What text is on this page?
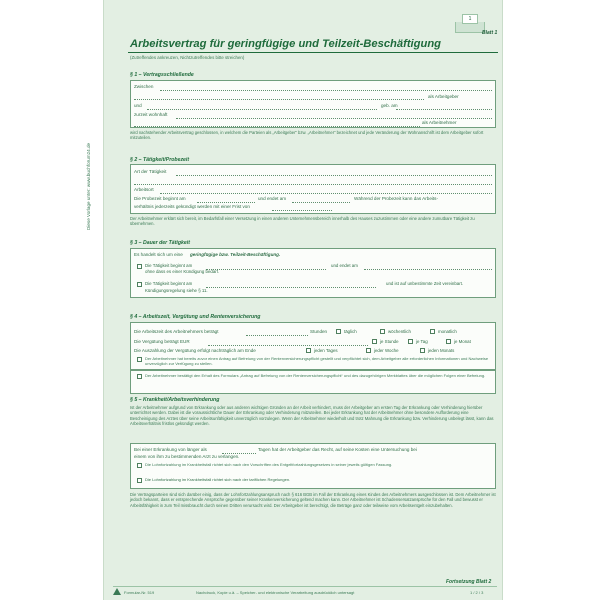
Diese Vorlage unter: www.buchforum24.de
1
Blatt 1
Arbeitsvertrag für geringfügige und Teilzeit-Beschäftigung
(Zutreffendes ankreuzen, Nichtzutreffendes bitte streichen)
§ 1 – Vertragsschließende
Zwischen
als Arbeitgeber
und	geb. am
zurzeit wohnhaft
als Arbeitnehmer
wird nachstehender Arbeitsvertrag geschlossen, in welchem die Parteien als „Arbeitgeber“ bzw. „Arbeitnehmer“ bezeichnet und jede Veränderung der Wohnanschrift ist dem Arbeitgeber sofort mitzuteilen.
§ 2 – Tätigkeit/Probezeit
Art der Tätigkeit
Arbeitsort
Die Probezeit beginnt am	und endet am	Während der Probezeit kann das Arbeits-
verhältnis jederzeits gekündigt werden mit einer Frist von
Der Arbeitnehmer erklärt sich bereit, im Bedarfsfall einer Versetzung in einen anderen Unternehmensbereich innerhalb des Hauses zuzustimmen oder eine andere zumutbare Tätigkeit zu übernehmen.
§ 3 – Dauer der Tätigkeit
Es handelt sich um eine geringfügige bzw. Teilzeit-Beschäftigung.
Die Tätigkeit beginnt am	und endet am
ohne dass es einer Kündigung bedarf.
Die Tätigkeit beginnt am	und ist auf unbestimmte Zeit vereinbart.
Kündigungsregelung siehe § 11.
§ 4 – Arbeitszeit, Vergütung und Rentenversicherung
Die Arbeitszeit des Arbeitnehmers beträgt	Stunden	täglich	wöchentlich	monatlich
Die Vergütung beträgt EUR	je Stunde	je Tag	je Monat
Die Auszahlung der Vergütung erfolgt nachträglich am Ende	jeden Tages	jeder Woche	jeden Monats
Der Arbeitnehmer hat bereits zuvor einen Antrag auf Befreiung von der Rentenversicherungspflicht gestellt und verpflichtet sich, dem Arbeitgeber alle erforderlichen Informationen und Nachweise unverzüglich zur Verfügung zu stellen.
Der Arbeitnehmer bestätigt den Erhalt des Formulars „Antrag auf Befreiung von der Rentenversicherungspflicht“ und des dazugehörigen Merkblattes über die möglichen Folgen einer Befreiung.
§ 5 – Krankheit/Arbeitsverhinderung
Ist der Arbeitnehmer aufgrund von Erkrankung oder aus anderen wichtigen Gründen an der Arbeit verhindert, muss der Arbeitgeber am ersten Tag der Erkrankung oder Verhinderung hierüber unterrichtet werden. Dabei ist die voraussichtliche Dauer der Erkrankung oder Verhinderung mitzuteilen. Bei jeder Erkrankung hat der Arbeitnehmer ohne besondere Aufforderung eine Bescheinigung des Arztes über seine Arbeitsunfähigkeit unverzüglich vorzulegen. Wenn der Arbeitnehmer wiederholt und trotz Mahnung die Erkrankung bzw. Verhinderung unbelegt lässt, kann das Arbeitsverhältnis fristlos gekündigt werden.
Bei einer Erkrankung von länger als	Tagen hat der Arbeitgeber das Recht, auf seine Kosten eine Untersuchung bei
einem von ihm zu bestimmenden Arzt zu verlangen.
Die Lohnfortzahlung im Krankheitsfall richtet sich nach den Vorschriften des Entgeltfortzahlungsgesetzes in seiner jeweils gültigen Fassung.
Die Lohnfortzahlung im Krankheitsfall richtet sich nach der tariflichen Regelungen.
Die Vertragsparteien sind sich darüber einig, dass der Lohnfortzahlungsanspruch nach § 616 BGB im Fall der Erkrankung eines Kindes des Arbeitnehmers ausgeschlossen ist. Dem Arbeitnehmer ist jedoch bekannt, dass er entsprechende Ansprüche gegenüber seiner Krankenversicherung geltend machen kann. Der Arbeitnehmer ist Schadensersatzansprüche für den Fall und bewusst er Arbeitsfähigkeit in zum Teil missbraucht durch seinen Dritten verursacht wird. Der Arbeitgeber ist berechtigt, die Beträge ganz oder teilweise vom Arbeitsentgelt einzubehalten.
Fortsetzung Blatt 2
Formular-Nr. 519	Nachdruck, Kopie u.ä. – Speicher- und elektronische Verarbeitung ausdrücklich untersagt	1 / 2 / 3
